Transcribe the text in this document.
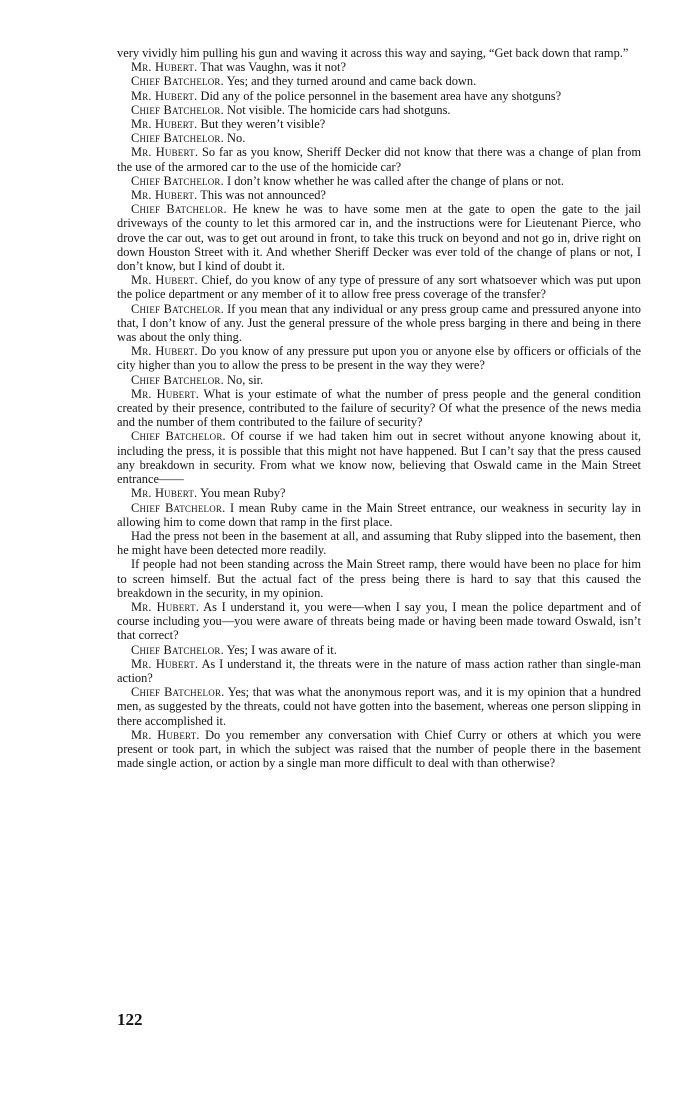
very vividly him pulling his gun and waving it across this way and saying, “Get back down that ramp.”

Mr. Hubert. That was Vaughn, was it not?

Chief Batchelor. Yes; and they turned around and came back down.

Mr. Hubert. Did any of the police personnel in the basement area have any shotguns?

Chief Batchelor. Not visible. The homicide cars had shotguns.

Mr. Hubert. But they weren’t visible?

Chief Batchelor. No.

Mr. Hubert. So far as you know, Sheriff Decker did not know that there was a change of plan from the use of the armored car to the use of the homicide car?

Chief Batchelor. I don’t know whether he was called after the change of plans or not.

Mr. Hubert. This was not announced?

Chief Batchelor. He knew he was to have some men at the gate to open the gate to the jail driveways of the county to let this armored car in, and the instructions were for Lieutenant Pierce, who drove the car out, was to get out around in front, to take this truck on beyond and not go in, drive right on down Houston Street with it. And whether Sheriff Decker was ever told of the change of plans or not, I don’t know, but I kind of doubt it.

Mr. Hubert. Chief, do you know of any type of pressure of any sort whatsoever which was put upon the police department or any member of it to allow free press coverage of the transfer?

Chief Batchelor. If you mean that any individual or any press group came and pressured anyone into that, I don’t know of any. Just the general pressure of the whole press barging in there and being in there was about the only thing.

Mr. Hubert. Do you know of any pressure put upon you or anyone else by officers or officials of the city higher than you to allow the press to be present in the way they were?

Chief Batchelor. No, sir.

Mr. Hubert. What is your estimate of what the number of press people and the general condition created by their presence, contributed to the failure of security? Of what the presence of the news media and the number of them contributed to the failure of security?

Chief Batchelor. Of course if we had taken him out in secret without anyone knowing about it, including the press, it is possible that this might not have happened. But I can’t say that the press caused any breakdown in security. From what we know now, believing that Oswald came in the Main Street entrance——

Mr. Hubert. You mean Ruby?

Chief Batchelor. I mean Ruby came in the Main Street entrance, our weakness in security lay in allowing him to come down that ramp in the first place.

Had the press not been in the basement at all, and assuming that Ruby slipped into the basement, then he might have been detected more readily.

If people had not been standing across the Main Street ramp, there would have been no place for him to screen himself. But the actual fact of the press being there is hard to say that this caused the breakdown in the security, in my opinion.

Mr. Hubert. As I understand it, you were—when I say you, I mean the police department and of course including you—you were aware of threats being made or having been made toward Oswald, isn’t that correct?

Chief Batchelor. Yes; I was aware of it.

Mr. Hubert. As I understand it, the threats were in the nature of mass action rather than single-man action?

Chief Batchelor. Yes; that was what the anonymous report was, and it is my opinion that a hundred men, as suggested by the threats, could not have gotten into the basement, whereas one person slipping in there accomplished it.

Mr. Hubert. Do you remember any conversation with Chief Curry or others at which you were present or took part, in which the subject was raised that the number of people there in the basement made single action, or action by a single man more difficult to deal with than otherwise?

122
